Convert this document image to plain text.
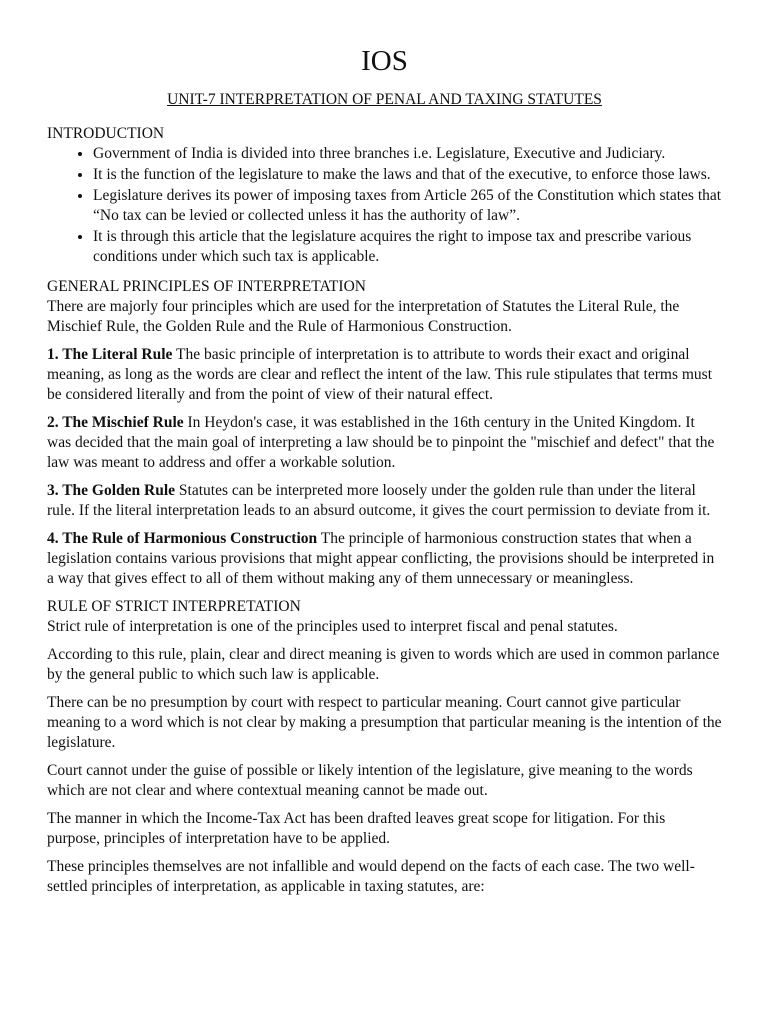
IOS
UNIT-7 INTERPRETATION OF PENAL AND TAXING STATUTES
INTRODUCTION
• Government of India is divided into three branches i.e. Legislature, Executive and Judiciary.
• It is the function of the legislature to make the laws and that of the executive, to enforce those laws.
• Legislature derives its power of imposing taxes from Article 265 of the Constitution which states that “No tax can be levied or collected unless it has the authority of law”.
• It is through this article that the legislature acquires the right to impose tax and prescribe various conditions under which such tax is applicable.
GENERAL PRINCIPLES OF INTERPRETATION

There are majorly four principles which are used for the interpretation of Statutes the Literal Rule, the Mischief Rule, the Golden Rule and the Rule of Harmonious Construction.

1. The Literal Rule The basic principle of interpretation is to attribute to words their exact and original meaning, as long as the words are clear and reflect the intent of the law. This rule stipulates that terms must be considered literally and from the point of view of their natural effect.

2. The Mischief Rule In Heydon's case, it was established in the 16th century in the United Kingdom. It was decided that the main goal of interpreting a law should be to pinpoint the "mischief and defect" that the law was meant to address and offer a workable solution.

3. The Golden Rule Statutes can be interpreted more loosely under the golden rule than under the literal rule. If the literal interpretation leads to an absurd outcome, it gives the court permission to deviate from it.

4. The Rule of Harmonious Construction The principle of harmonious construction states that when a legislation contains various provisions that might appear conflicting, the provisions should be interpreted in a way that gives effect to all of them without making any of them unnecessary or meaningless.

RULE OF STRICT INTERPRETATION

Strict rule of interpretation is one of the principles used to interpret fiscal and penal statutes.

According to this rule, plain, clear and direct meaning is given to words which are used in common parlance by the general public to which such law is applicable.

There can be no presumption by court with respect to particular meaning. Court cannot give particular meaning to a word which is not clear by making a presumption that particular meaning is the intention of the legislature.

Court cannot under the guise of possible or likely intention of the legislature, give meaning to the words which are not clear and where contextual meaning cannot be made out.

The manner in which the Income-Tax Act has been drafted leaves great scope for litigation. For this purpose, principles of interpretation have to be applied.

These principles themselves are not infallible and would depend on the facts of each case. The two well-settled principles of interpretation, as applicable in taxing statutes, are:
